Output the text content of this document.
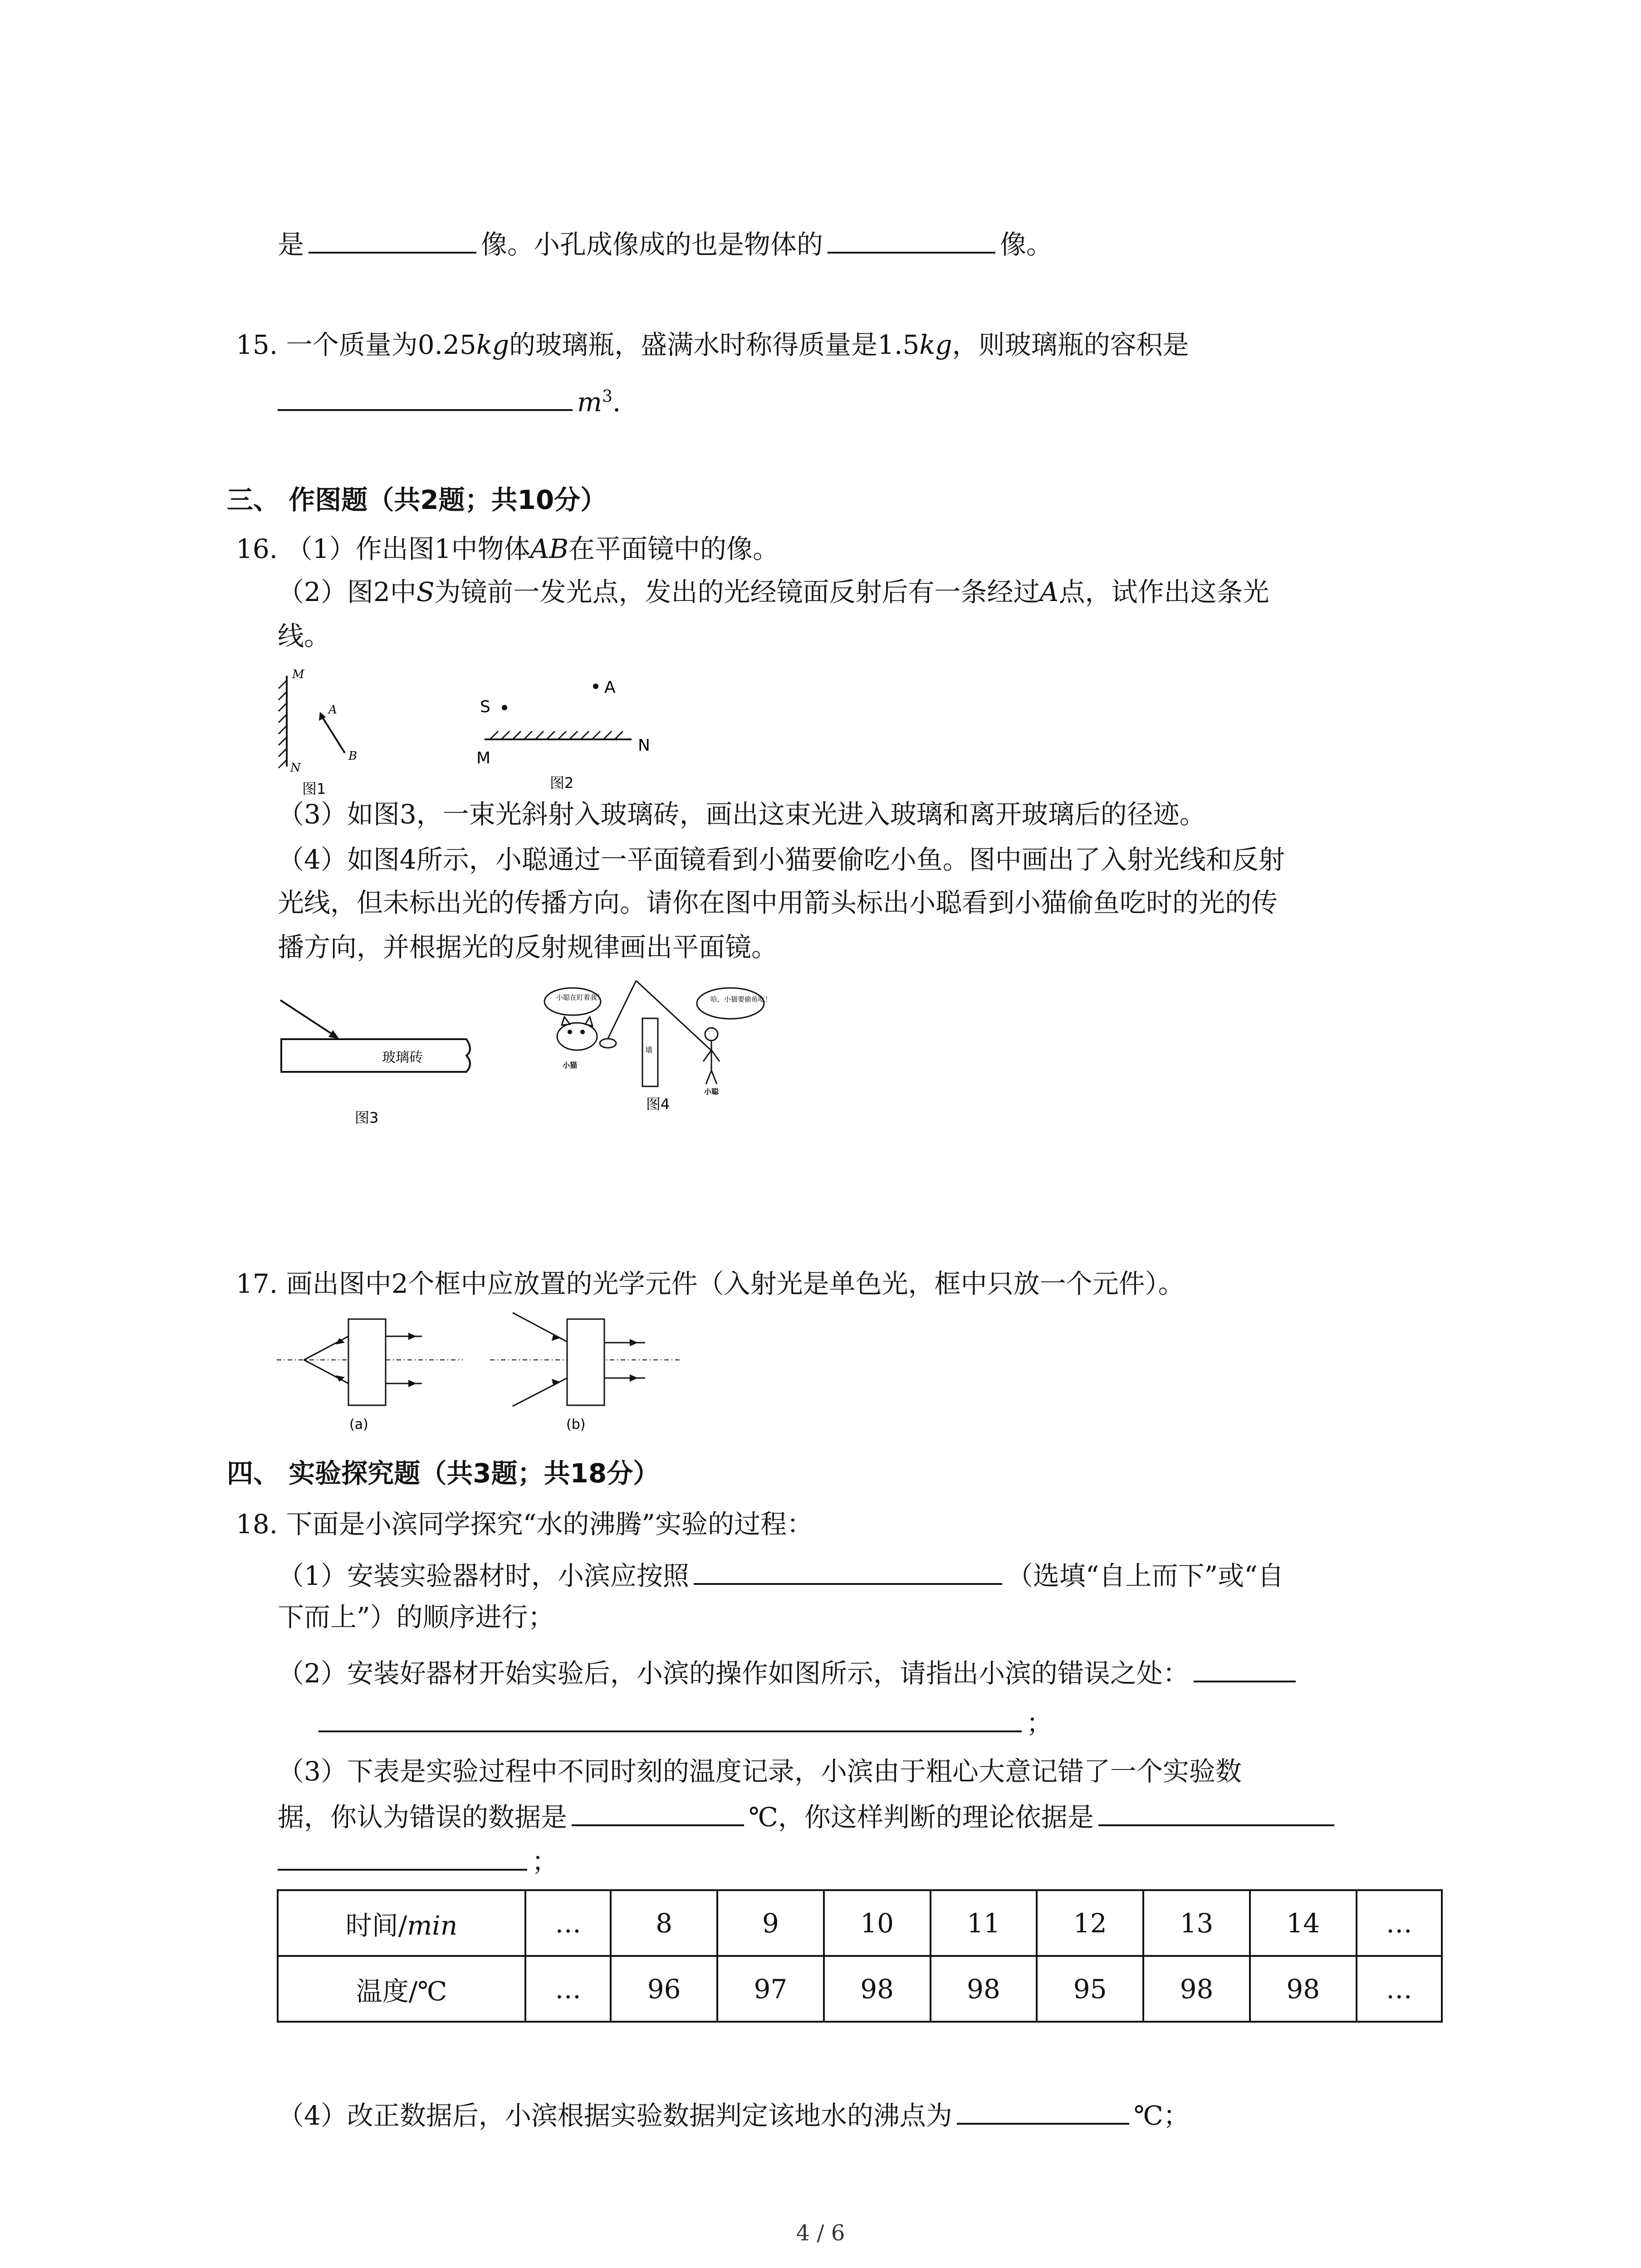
是	像。小孔成像成的也是物体的	像。
15. 一个质量为0.25kg的玻璃瓶，盛满水时称得质量是1.5kg，则玻璃瓶的容积是
$m^3$.
三、 作图题（共2题；共10分）
16. （1）作出图1中物体AB在平面镜中的像。
（2）图2中S为镜前一发光点，发出的光经镜面反射后有一条经过A点，试作出这条光
线。
M
A
B
N
图1
S
A
M
N
图2
（3）如图3，一束光斜射入玻璃砖，画出这束光进入玻璃和离开玻璃后的径迹。
（4）如图4所示，小聪通过一平面镜看到小猫要偷吃小鱼。图中画出了入射光线和反射
光线，但未标出光的传播方向。请你在图中用箭头标出小聪看到小猫偷鱼吃时的光的传
播方向，并根据光的反射规律画出平面镜。
玻璃砖
图3
小聪在盯着我！	哈，小猫要偷鱼吃！
墙
小猫
小聪
图4
17. 画出图中2个框中应放置的光学元件（入射光是单色光，框中只放一个元件）。
(a)	(b)
四、 实验探究题（共3题；共18分）
18. 下面是小滨同学探究“水的沸腾”实验的过程：
（1）安装实验器材时，小滨应按照	（选填“自上而下”或“自
下而上”）的顺序进行；
（2）安装好器材开始实验后，小滨的操作如图所示，请指出小滨的错误之处：
；
（3）下表是实验过程中不同时刻的温度记录，小滨由于粗心大意记错了一个实验数
据，你认为错误的数据是	℃，你这样判断的理论依据是
；
时间/min	…	8	9	10	11	12	13	14	…
温度/℃	…	96	97	98	98	95	98	98	…
（4）改正数据后，小滨根据实验数据判定该地水的沸点为	℃；
4 / 6
